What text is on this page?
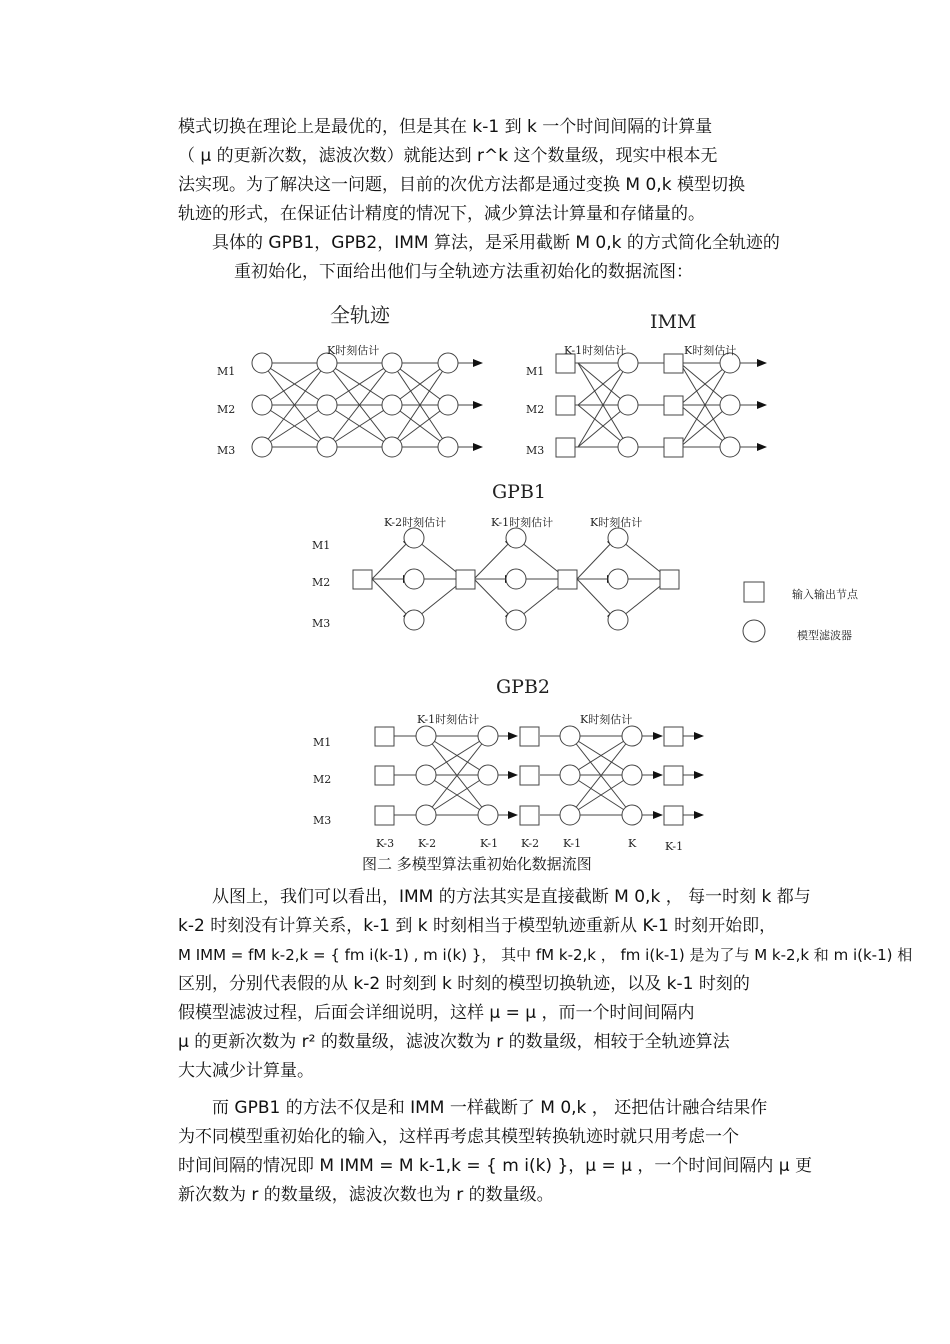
模式切换在理论上是最优的，但是其在 k-1 到 k 一个时间间隔的计算量

（ μ 的更新次数，滤波次数）就能达到 r^k 这个数量级，现实中根本无

法实现。为了解决这一问题，目前的次优方法都是通过变换 M 0,k 模型切换

轨迹的形式，在保证估计精度的情况下，减少算法计算量和存储量的。

具体的 GPB1，GPB2，IMM 算法，是采用截断 M 0,k 的方式简化全轨迹的

重初始化，下面给出他们与全轨迹方法重初始化的数据流图：

全轨迹	IMM
GPB1
GPB2
M1
M2
M3
K时刻估计
M1
M2
M3
K-1时刻估计	K时刻估计
M1
M2
M3
K-2时刻估计	K-1时刻估计	K时刻估计
输入输出节点
模型滤波器
M1
M2
M3
K-1时刻估计	K时刻估计
K-3 K-2	K-1 K-2 K-1	K	K-1
图二 多模型算法重初始化数据流图

从图上，我们可以看出，IMM 的方法其实是直接截断 M 0,k ， 每一时刻 k 都与

k-2 时刻没有计算关系，k-1 到 k 时刻相当于模型轨迹重新从 K-1 时刻开始即，

M IMM = fM k-2,k = { fm i(k-1) , m i(k) }， 其中 fM k-2,k ， fm i(k-1) 是为了与 M k-2,k 和 m i(k-1) 相

区别，分别代表假的从 k-2 时刻到 k 时刻的模型切换轨迹，以及 k-1 时刻的

假模型滤波过程，后面会详细说明，这样 μ = μ ，而一个时间间隔内

μ 的更新次数为 r² 的数量级，滤波次数为 r 的数量级，相较于全轨迹算法

大大减少计算量。

而 GPB1 的方法不仅是和 IMM 一样截断了 M 0,k ， 还把估计融合结果作

为不同模型重初始化的输入，这样再考虑其模型转换轨迹时就只用考虑一个

时间间隔的情况即 M IMM = M k-1,k = { m i(k) }，μ = μ ，一个时间间隔内 μ 更

新次数为 r 的数量级，滤波次数也为 r 的数量级。
